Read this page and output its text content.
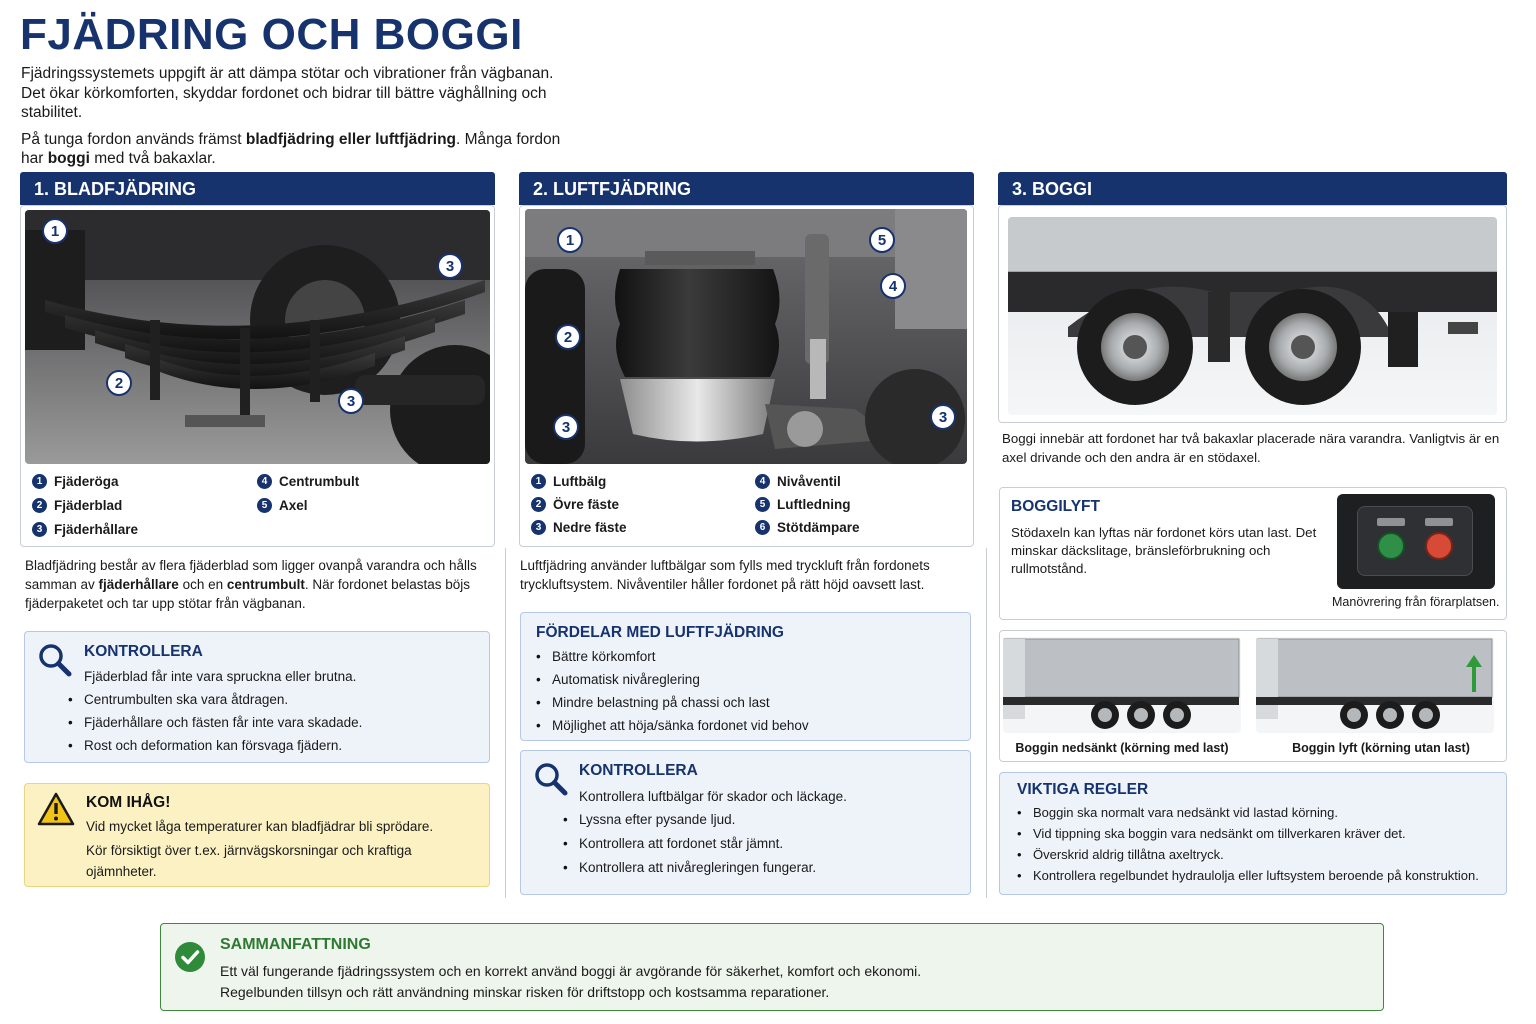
FJÄDRING OCH BOGGI

Fjädringssystemets uppgift är att dämpa stötar och vibrationer från vägbanan. Det ökar körkomforten, skyddar fordonet och bidrar till bättre väghållning och stabilitet.

På tunga fordon används främst bladfjädring eller luftfjädring. Många fordon har boggi med två bakaxlar.

1. BLADFJÄDRING
1
2
3
3
1 Fjäderöga
2 Fjäderblad
3 Fjäderhållare
4 Centrumbult
5 Axel

Bladfjädring består av flera fjäderblad som ligger ovanpå varandra och hålls samman av fjäderhållare och en centrumbult. När fordonet belastas böjs fjäderpaketet och tar upp stötar från vägbanan.

KONTROLLERA
Fjäderblad får inte vara spruckna eller brutna.
• Centrumbulten ska vara åtdragen.
• Fjäderhållare och fästen får inte vara skadade.
• Rost och deformation kan försvaga fjädern.
KOM IHÅG!

Vid mycket låga temperaturer kan bladfjädrar bli sprödare.

Kör försiktigt över t.ex. järnvägskorsningar och kraftiga ojämnheter.

2. LUFTFJÄDRING
1
2
3
5
4
3
1 Luftbälg
2 Övre fäste
3 Nedre fäste
4 Nivåventil
5 Luftledning
6 Stötdämpare

Luftfjädring använder luftbälgar som fylls med tryckluft från fordonets tryckluftsystem. Nivåventiler håller fordonet på rätt höjd oavsett last.

FÖRDELAR MED LUFTFJÄDRING
• Bättre körkomfort
• Automatisk nivåreglering
• Mindre belastning på chassi och last
• Möjlighet att höja/sänka fordonet vid behov
KONTROLLERA
Kontrollera luftbälgar för skador och läckage.
• Lyssna efter pysande ljud.
• Kontrollera att fordonet står jämnt.
• Kontrollera att nivåregleringen fungerar.
3. BOGGI

Boggi innebär att fordonet har två bakaxlar placerade nära varandra. Vanligtvis är en axel drivande och den andra är en stödaxel.

BOGGILYFT

Stödaxeln kan lyftas när fordonet körs utan last. Det minskar däckslitage, bränsleförbrukning och rullmotstånd.

Manövrering från förarplatsen.

Boggin nedsänkt (körning med last)	Boggin lyft (körning utan last)

VIKTIGA REGLER
• Boggin ska normalt vara nedsänkt vid lastad körning.
• Vid tippning ska boggin vara nedsänkt om tillverkaren kräver det.
• Överskrid aldrig tillåtna axeltryck.
• Kontrollera regelbundet hydraulolja eller luftsystem beroende på konstruktion.
SAMMANFATTNING

Ett väl fungerande fjädringssystem och en korrekt använd boggi är avgörande för säkerhet, komfort och ekonomi.

Regelbunden tillsyn och rätt användning minskar risken för driftstopp och kostsamma reparationer.
